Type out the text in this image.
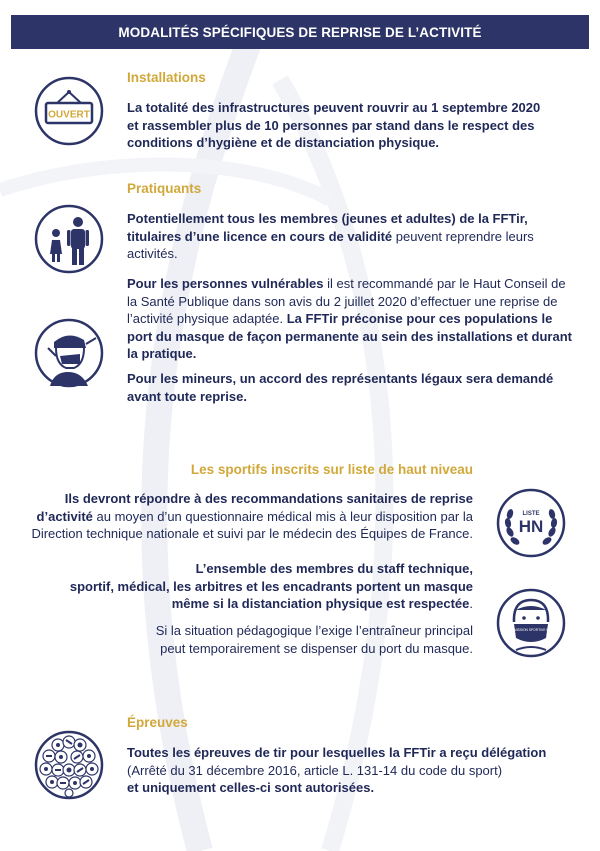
MODALITÉS SPÉCIFIQUES DE REPRISE DE L’ACTIVITÉ
OUVERT
Installations
La totalité des infrastructures peuvent rouvrir au 1 septembre 2020
et rassembler plus de 10 personnes par stand dans le respect des
conditions d’hygiène et de distanciation physique.
Pratiquants
Potentiellement tous les membres (jeunes et adultes) de la FFTir,
titulaires d’une licence en cours de validité peuvent reprendre leurs
activités.
Pour les personnes vulnérables il est recommandé par le Haut Conseil de
la Santé Publique dans son avis du 2 juillet 2020 d’effectuer une reprise de
l’activité physique adaptée. La FFTir préconise pour ces populations le
port du masque de façon permanente au sein des installations et durant
la pratique.
Pour les mineurs, un accord des représentants légaux sera demandé
avant toute reprise.
Les sportifs inscrits sur liste de haut niveau
LISTE
HN
Ils devront répondre à des recommandations sanitaires de reprise
d’activité au moyen d’un questionnaire médical mis à leur disposition par la
Direction technique nationale et suivi par le médecin des Équipes de France.
L’ensemble des membres du staff technique,
sportif, médical, les arbitres et les encadrants portent un masque
même si la distanciation physique est respectée.
COMMISSION SPORTIVE FFTIR
Si la situation pédagogique l’exige l’entraîneur principal
peut temporairement se dispenser du port du masque.
Épreuves
Toutes les épreuves de tir pour lesquelles la FFTir a reçu délégation
(Arrêté du 31 décembre 2016, article L. 131-14 du code du sport)
et uniquement celles-ci sont autorisées.
